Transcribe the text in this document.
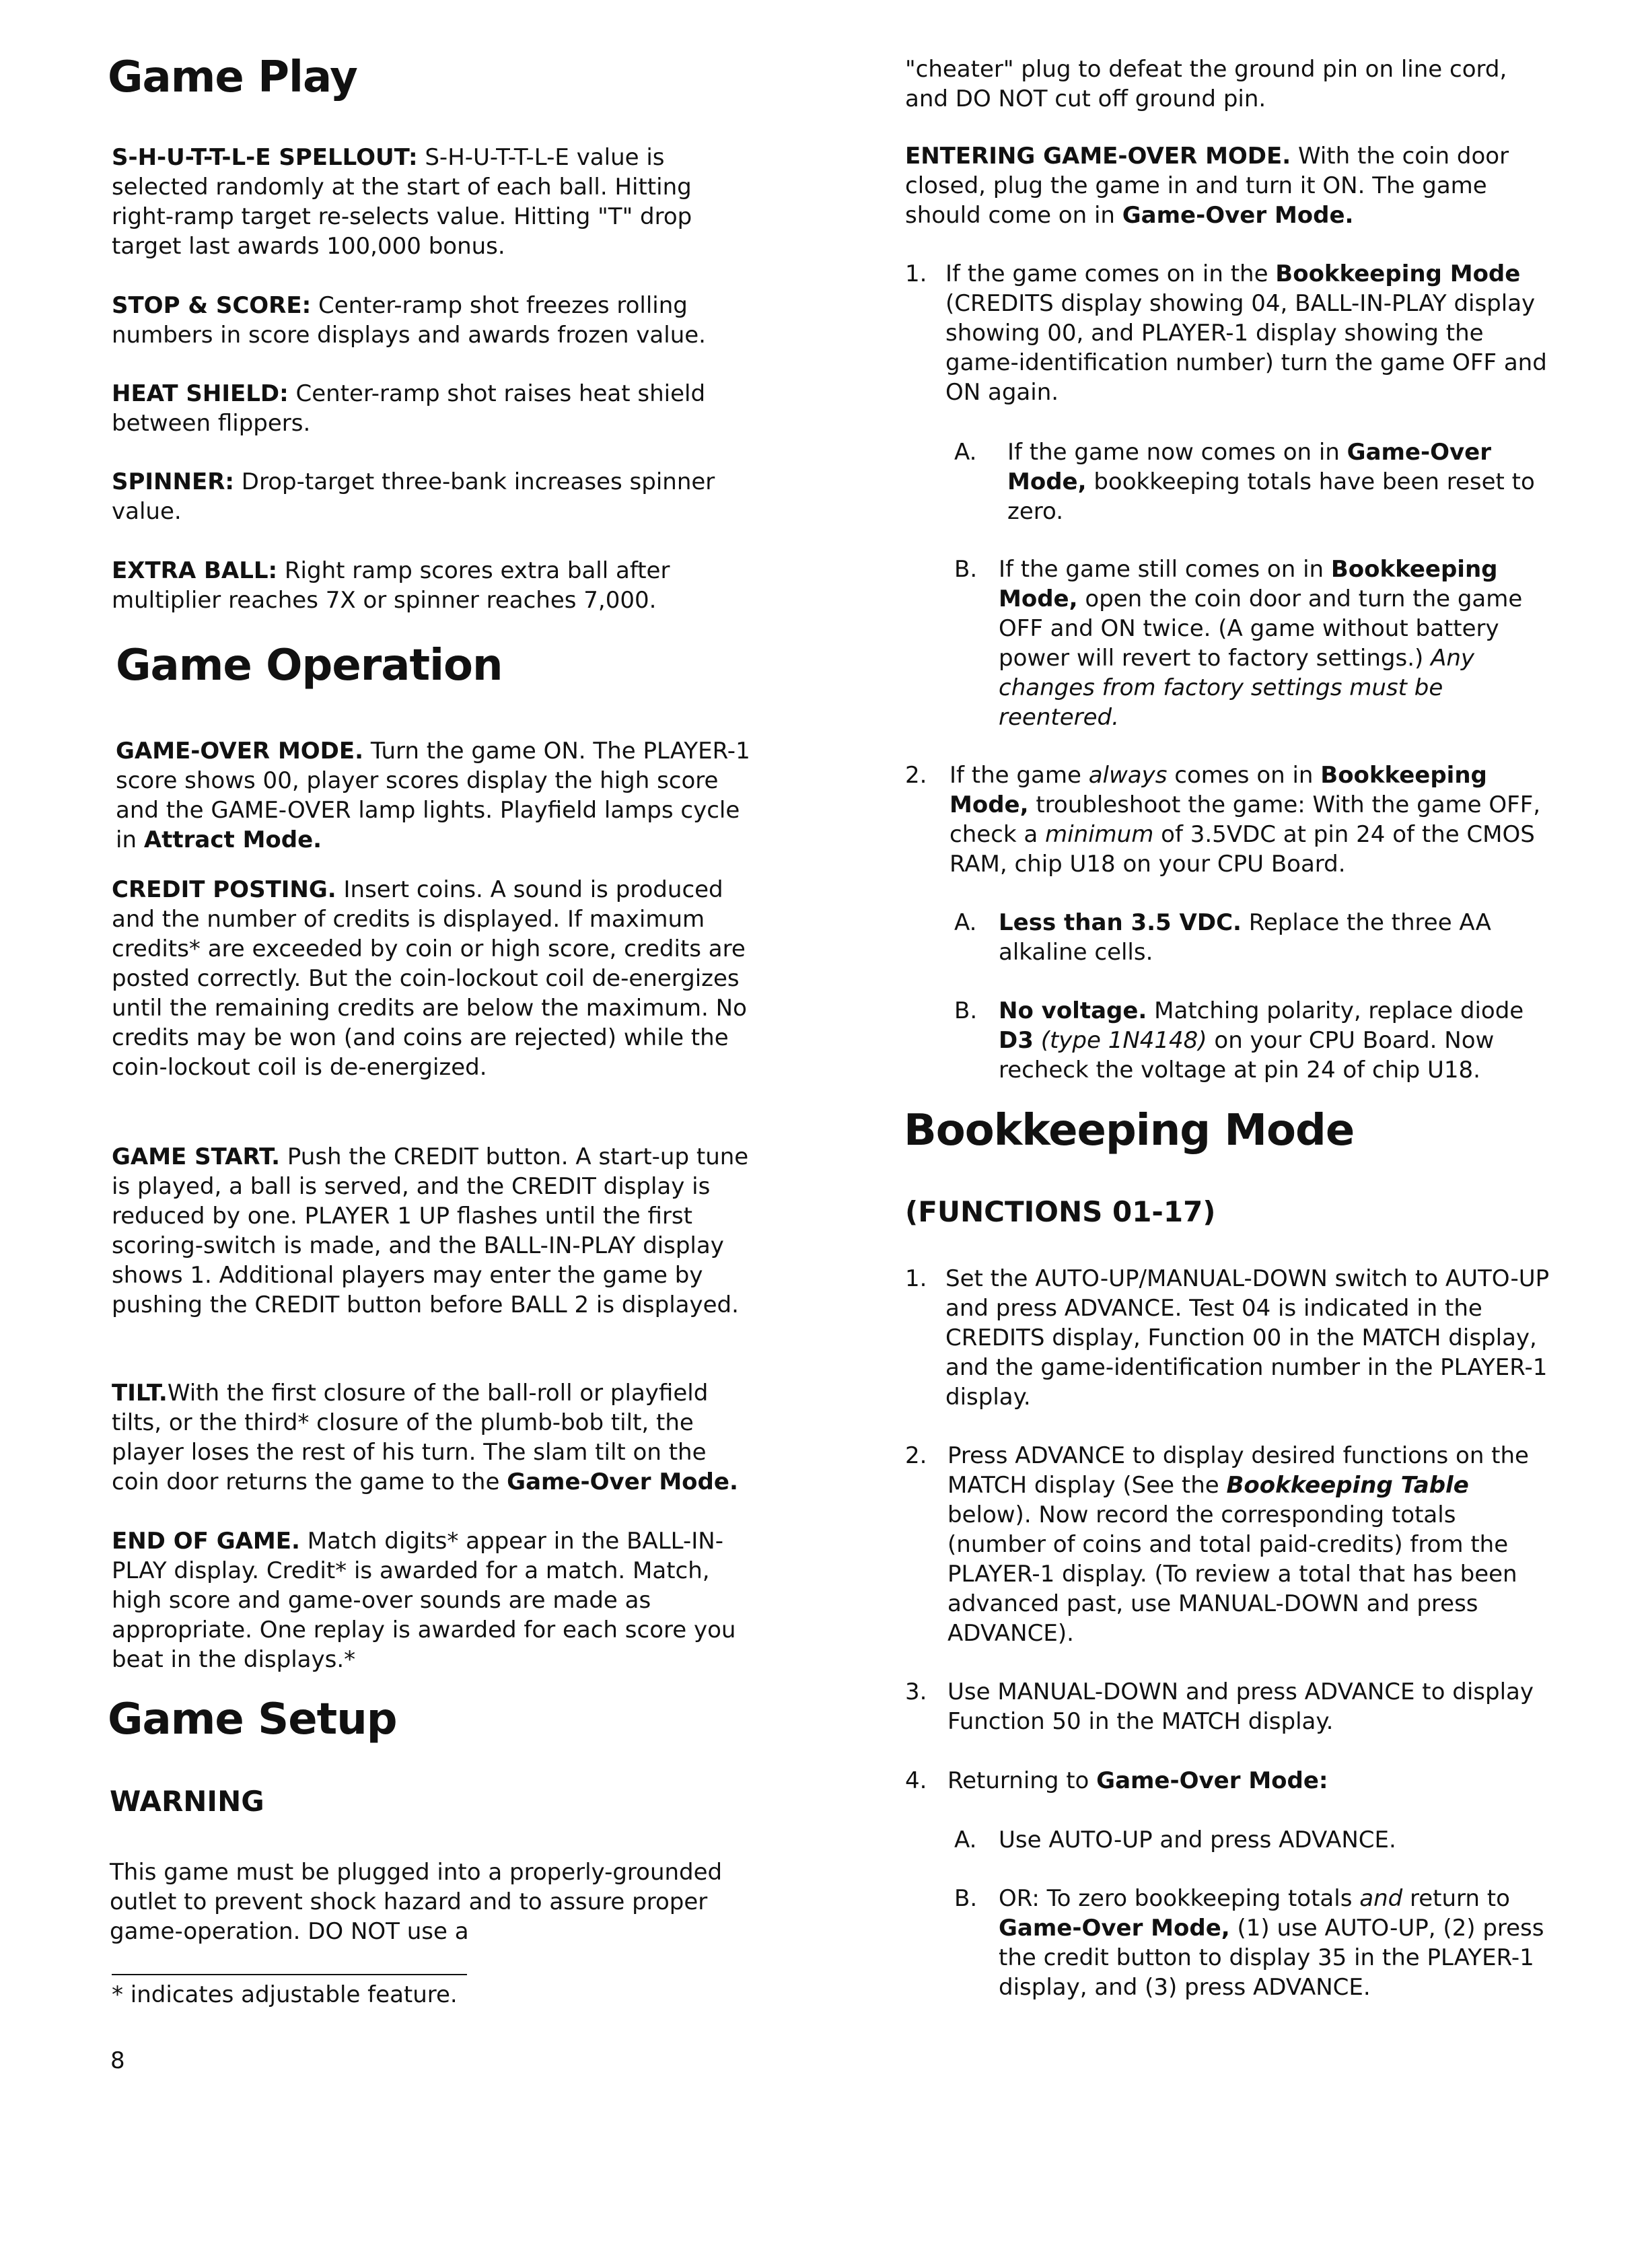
Game Play

S-H-U-T-T-L-E SPELLOUT: S-H-U-T-T-L-E value is selected randomly at the start of each ball. Hitting right-ramp target re-selects value. Hitting "T" drop target last awards 100,000 bonus.

STOP & SCORE: Center-ramp shot freezes rolling numbers in score displays and awards frozen value.

HEAT SHIELD: Center-ramp shot raises heat shield between flippers.

SPINNER: Drop-target three-bank increases spinner value.

EXTRA BALL: Right ramp scores extra ball after multiplier reaches 7X or spinner reaches 7,000.

Game Operation

GAME-OVER MODE. Turn the game ON. The PLAYER-1 score shows 00, player scores display the high score and the GAME-OVER lamp lights. Playfield lamps cycle in Attract Mode.

CREDIT POSTING. Insert coins. A sound is produced and the number of credits is displayed. If maximum credits* are exceeded by coin or high score, credits are posted correctly. But the coin-lockout coil de-energizes until the remaining credits are below the maximum. No credits may be won (and coins are rejected) while the coin-lockout coil is de-energized.

GAME START. Push the CREDIT button. A start-up tune is played, a ball is served, and the CREDIT display is reduced by one. PLAYER 1 UP flashes until the first scoring-switch is made, and the BALL-IN-PLAY display shows 1. Additional players may enter the game by pushing the CREDIT button before BALL 2 is displayed.

TILT.With the first closure of the ball-roll or playfield tilts, or the third* closure of the plumb-bob tilt, the player loses the rest of his turn. The slam tilt on the coin door returns the game to the Game-Over Mode.

END OF GAME. Match digits* appear in the BALL-IN-PLAY display. Credit* is awarded for a match. Match, high score and game-over sounds are made as appropriate. One replay is awarded for each score you beat in the displays.*

Game Setup
WARNING

This game must be plugged into a properly-grounded outlet to prevent shock hazard and to assure proper game-operation. DO NOT use a

* indicates adjustable feature.

8

"cheater" plug to defeat the ground pin on line cord, and DO NOT cut off ground pin.

ENTERING GAME-OVER MODE. With the coin door closed, plug the game in and turn it ON. The game should come on in Game-Over Mode.

1. If the game comes on in the Bookkeeping Mode (CREDITS display showing 04, BALL-IN-PLAY display showing 00, and PLAYER-1 display showing the game-identification number) turn the game OFF and ON again.

A. If the game now comes on in Game-Over Mode, bookkeeping totals have been reset to zero.

B. If the game still comes on in Bookkeeping Mode, open the coin door and turn the game OFF and ON twice. (A game without battery power will revert to factory settings.) Any changes from factory settings must be reentered.

2. If the game always comes on in Bookkeeping Mode, troubleshoot the game: With the game OFF, check a minimum of 3.5VDC at pin 24 of the CMOS RAM, chip U18 on your CPU Board.

A. Less than 3.5 VDC. Replace the three AA alkaline cells.

B. No voltage. Matching polarity, replace diode D3 (type 1N4148) on your CPU Board. Now recheck the voltage at pin 24 of chip U18.

Bookkeeping Mode
(FUNCTIONS 01-17)
1. Set the AUTO-UP/MANUAL-DOWN switch to AUTO-UP and press ADVANCE. Test 04 is indicated in the CREDITS display, Function 00 in the MATCH display, and the game-identification number in the PLAYER-1 display.

2. Press ADVANCE to display desired functions on the MATCH display (See the Bookkeeping Table below). Now record the corresponding totals (number of coins and total paid-credits) from the PLAYER-1 display. (To review a total that has been advanced past, use MANUAL-DOWN and press ADVANCE).

3. Use MANUAL-DOWN and press ADVANCE to display Function 50 in the MATCH display.

4. Returning to Game-Over Mode:

A. Use AUTO-UP and press ADVANCE.

B. OR: To zero bookkeeping totals and return to Game-Over Mode, (1) use AUTO-UP, (2) press the credit button to display 35 in the PLAYER-1 display, and (3) press ADVANCE.
